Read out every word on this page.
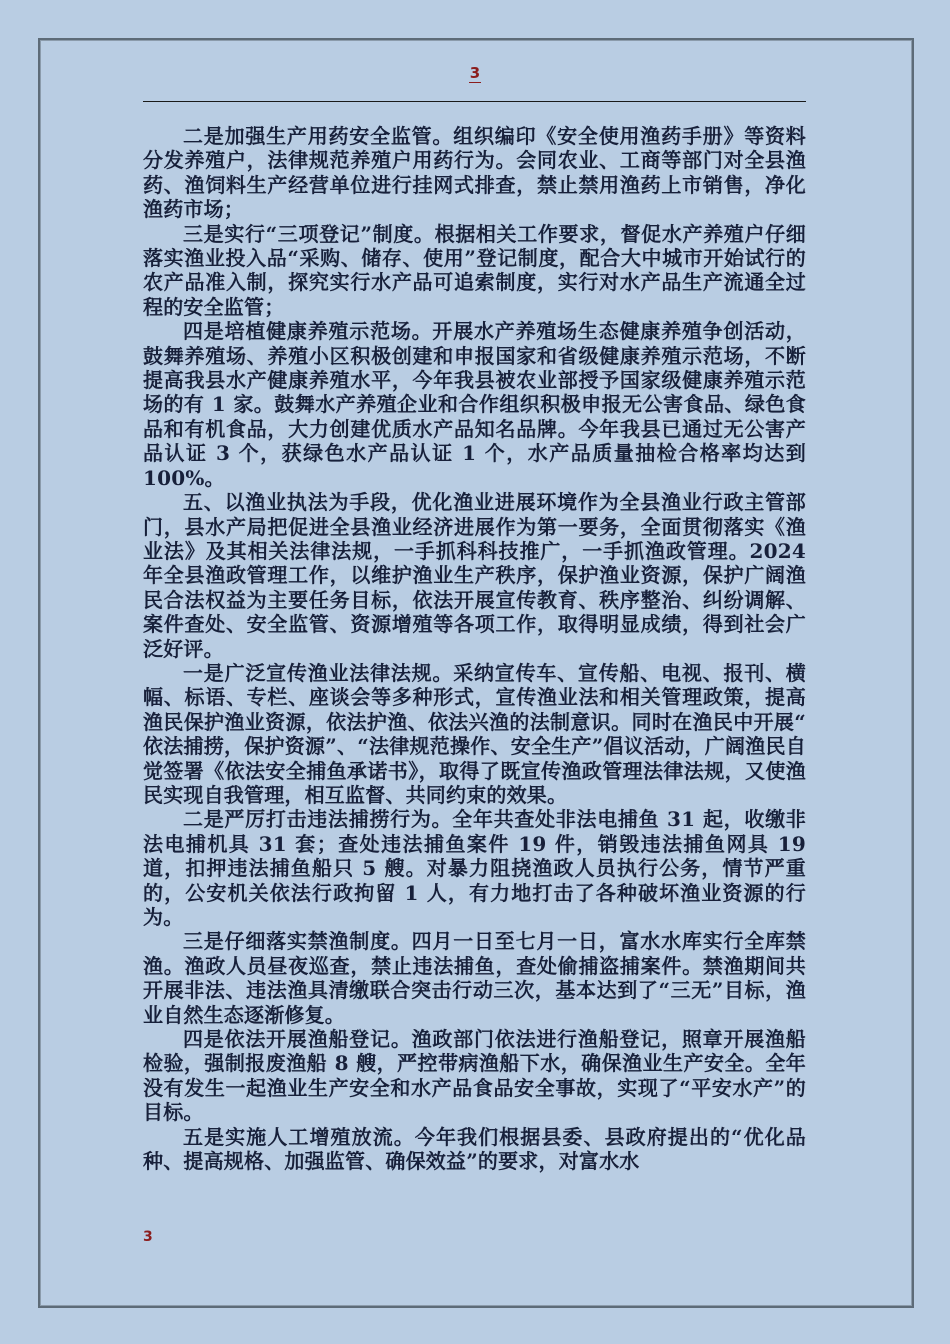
3

二是加强生产用药安全监管。组织编印《安全使用渔药手册》等资料分发养殖户，法律规范养殖户用药行为。会同农业、工商等部门对全县渔药、渔饲料生产经营单位进行挂网式排查，禁止禁用渔药上市销售，净化渔药市场；

三是实行“三项登记”制度。根据相关工作要求，督促水产养殖户仔细落实渔业投入品“采购、储存、使用”登记制度，配合大中城市开始试行的农产品准入制，探究实行水产品可追索制度，实行对水产品生产流通全过程的安全监管；

四是培植健康养殖示范场。开展水产养殖场生态健康养殖争创活动，鼓舞养殖场、养殖小区积极创建和申报国家和省级健康养殖示范场，不断提高我县水产健康养殖水平，今年我县被农业部授予国家级健康养殖示范场的有 1 家。鼓舞水产养殖企业和合作组织积极申报无公害食品、绿色食品和有机食品，大力创建优质水产品知名品牌。今年我县已通过无公害产品认证 3 个，获绿色水产品认证 1 个，水产品质量抽检合格率均达到 100%。

五、以渔业执法为手段，优化渔业进展环境作为全县渔业行政主管部门，县水产局把促进全县渔业经济进展作为第一要务，全面贯彻落实《渔业法》及其相关法律法规，一手抓科科技推广，一手抓渔政管理。2024 年全县渔政管理工作，以维护渔业生产秩序，保护渔业资源，保护广阔渔民合法权益为主要任务目标，依法开展宣传教育、秩序整治、纠纷调解、案件查处、安全监管、资源增殖等各项工作，取得明显成绩，得到社会广泛好评。

一是广泛宣传渔业法律法规。采纳宣传车、宣传船、电视、报刊、横幅、标语、专栏、座谈会等多种形式，宣传渔业法和相关管理政策，提高渔民保护渔业资源，依法护渔、依法兴渔的法制意识。同时在渔民中开展“ 依法捕捞，保护资源”、“法律规范操作、安全生产”倡议活动，广阔渔民自觉签署《依法安全捕鱼承诺书》，取得了既宣传渔政管理法律法规，又使渔民实现自我管理，相互监督、共同约束的效果。

二是严厉打击违法捕捞行为。全年共查处非法电捕鱼 31 起，收缴非法电捕机具 31 套；查处违法捕鱼案件 19 件，销毁违法捕鱼网具 19 道，扣押违法捕鱼船只 5 艘。对暴力阻挠渔政人员执行公务，情节严重的，公安机关依法行政拘留 1 人，有力地打击了各种破坏渔业资源的行为。

三是仔细落实禁渔制度。四月一日至七月一日，富水水库实行全库禁渔。渔政人员昼夜巡查，禁止违法捕鱼，查处偷捕盗捕案件。禁渔期间共开展非法、违法渔具清缴联合突击行动三次，基本达到了“三无”目标，渔业自然生态逐渐修复。

四是依法开展渔船登记。渔政部门依法进行渔船登记，照章开展渔船检验，强制报废渔船 8 艘，严控带病渔船下水，确保渔业生产安全。全年没有发生一起渔业生产安全和水产品食品安全事故，实现了“平安水产”的目标。

五是实施人工增殖放流。今年我们根据县委、县政府提出的“优化品种、提高规格、加强监管、确保效益”的要求，对富水水

3
